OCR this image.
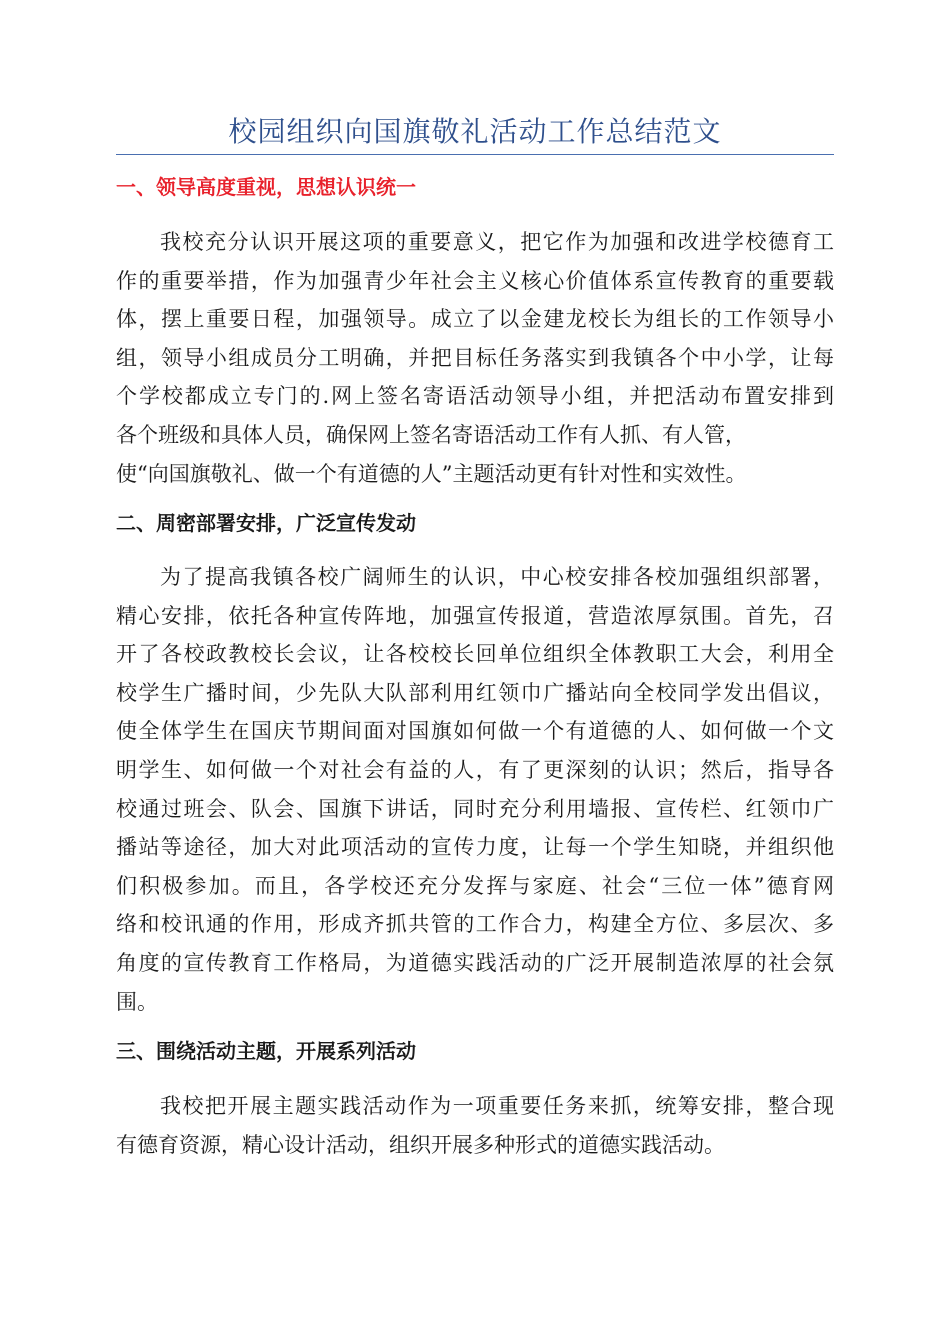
校园组织向国旗敬礼活动工作总结范文
一、领导高度重视，思想认识统一
我校充分认识开展这项的重要意义，把它作为加强和改进学校德育工
作的重要举措，作为加强青少年社会主义核心价值体系宣传教育的重要载
体，摆上重要日程，加强领导。成立了以金建龙校长为组长的工作领导小
组，领导小组成员分工明确，并把目标任务落实到我镇各个中小学，让每
个学校都成立专门的.网上签名寄语活动领导小组，并把活动布置安排到
各个班级和具体人员，确保网上签名寄语活动工作有人抓、有人管，
使“向国旗敬礼、做一个有道德的人”主题活动更有针对性和实效性。
二、周密部署安排，广泛宣传发动
为了提高我镇各校广阔师生的认识，中心校安排各校加强组织部署，
精心安排，依托各种宣传阵地，加强宣传报道，营造浓厚氛围。首先，召
开了各校政教校长会议，让各校校长回单位组织全体教职工大会，利用全
校学生广播时间，少先队大队部利用红领巾广播站向全校同学发出倡议，
使全体学生在国庆节期间面对国旗如何做一个有道德的人、如何做一个文
明学生、如何做一个对社会有益的人，有了更深刻的认识；然后，指导各
校通过班会、队会、国旗下讲话，同时充分利用墙报、宣传栏、红领巾广
播站等途径，加大对此项活动的宣传力度，让每一个学生知晓，并组织他
们积极参加。而且，各学校还充分发挥与家庭、社会“三位一体”德育网
络和校讯通的作用，形成齐抓共管的工作合力，构建全方位、多层次、多
角度的宣传教育工作格局，为道德实践活动的广泛开展制造浓厚的社会氛
围。
三、围绕活动主题，开展系列活动
我校把开展主题实践活动作为一项重要任务来抓，统筹安排，整合现
有德育资源，精心设计活动，组织开展多种形式的道德实践活动。
